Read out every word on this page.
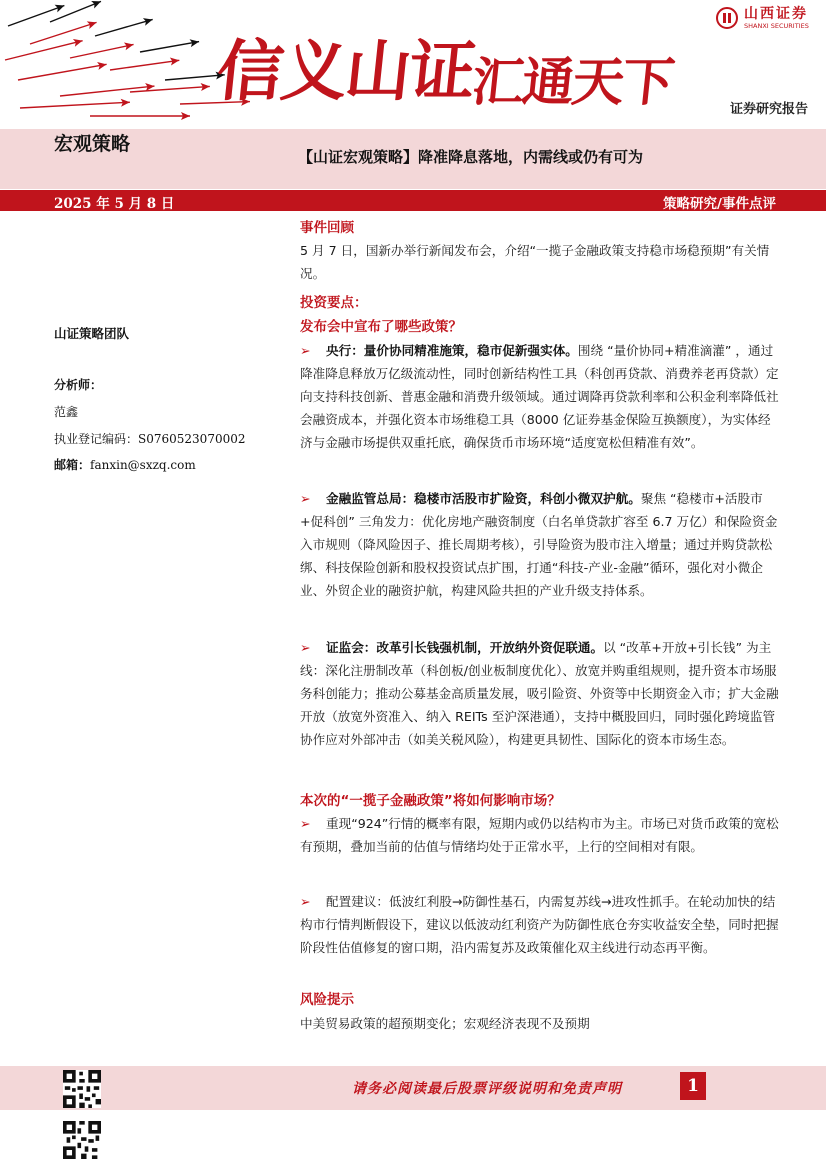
信义山证汇通天下
山西证券
SHANXI SECURITIES
证券研究报告
宏观策略
【山证宏观策略】降准降息落地，内需线或仍有可为
2025 年 5 月 8 日	策略研究/事件点评
山证策略团队
分析师：
范鑫
执业登记编码：S0760523070002
邮箱：fanxin@sxzq.com
事件回顾
5 月 7 日，国新办举行新闻发布会，介绍“一揽子金融政策支持稳市场稳预期”有关情况。
投资要点：
发布会中宣布了哪些政策？
➢ 央行：量价协同精准施策，稳市促新强实体。围绕 “量价协同+精准滴灌” ，通过降准降息释放万亿级流动性，同时创新结构性工具（科创再贷款、消费养老再贷款）定向支持科技创新、普惠金融和消费升级领域。通过调降再贷款利率和公积金利率降低社会融资成本，并强化资本市场维稳工具（8000 亿证券基金保险互换额度），为实体经济与金融市场提供双重托底，确保货币市场环境“适度宽松但精准有效”。
➢ 金融监管总局：稳楼市活股市扩险资，科创小微双护航。聚焦 “稳楼市+活股市+促科创” 三角发力：优化房地产融资制度（白名单贷款扩容至 6.7 万亿）和保险资金入市规则（降风险因子、推长周期考核），引导险资为股市注入增量；通过并购贷款松绑、科技保险创新和股权投资试点扩围，打通“科技-产业-金融”循环，强化对小微企业、外贸企业的融资护航，构建风险共担的产业升级支持体系。
➢ 证监会：改革引长钱强机制，开放纳外资促联通。以 “改革+开放+引长钱” 为主线：深化注册制改革（科创板/创业板制度优化）、放宽并购重组规则，提升资本市场服务科创能力；推动公募基金高质量发展，吸引险资、外资等中长期资金入市；扩大金融开放（放宽外资准入、纳入 REITs 至沪深港通），支持中概股回归，同时强化跨境监管协作应对外部冲击（如美关税风险），构建更具韧性、国际化的资本市场生态。
本次的“一揽子金融政策”将如何影响市场？
➢ 重现“924”行情的概率有限，短期内或仍以结构市为主。市场已对货币政策的宽松有预期，叠加当前的估值与情绪均处于正常水平，上行的空间相对有限。
➢ 配置建议：低波红利股→防御性基石，内需复苏线→进攻性抓手。在轮动加快的结构市行情判断假设下，建议以低波动红利资产为防御性底仓夯实收益安全垫，同时把握阶段性估值修复的窗口期，沿内需复苏及政策催化双主线进行动态再平衡。
风险提示
中美贸易政策的超预期变化；宏观经济表现不及预期
请务必阅读最后股票评级说明和免责声明	1
